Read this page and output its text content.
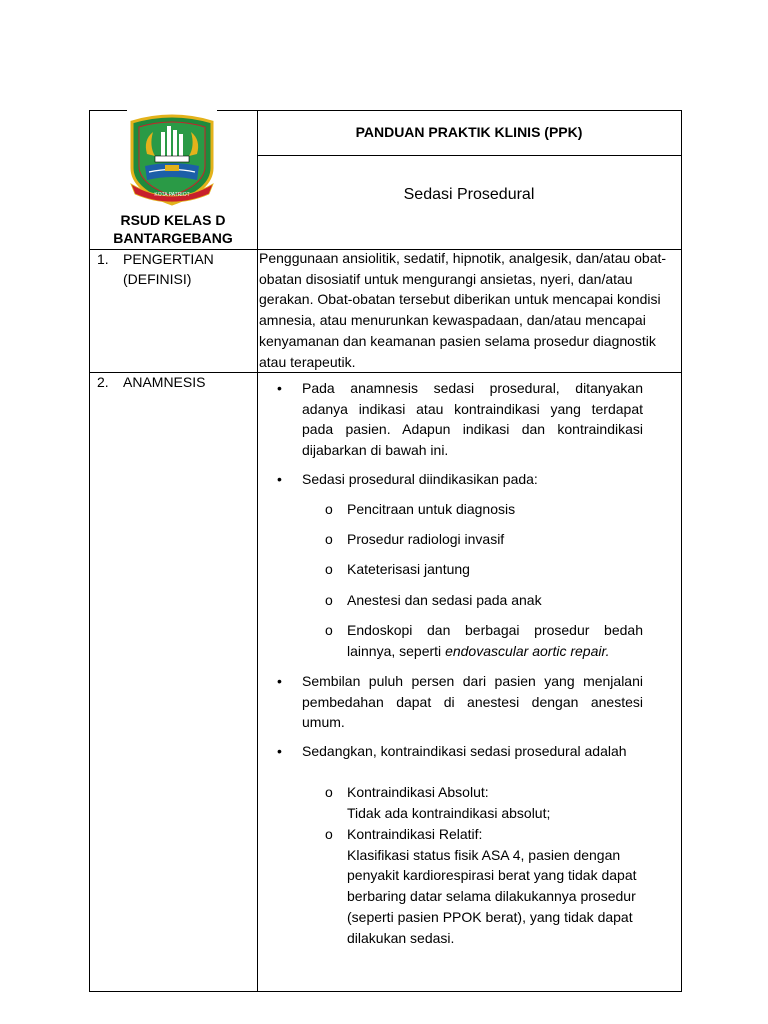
KOTA PATRIOT
RSUD KELAS D
BANTARGEBANG
PANDUAN PRAKTIK KLINIS (PPK)
Sedasi Prosedural
1. PENGERTIAN (DEFINISI)
Penggunaan ansiolitik, sedatif, hipnotik, analgesik, dan/atau obat-obatan disosiatif untuk mengurangi ansietas, nyeri, dan/atau gerakan. Obat-obatan tersebut diberikan untuk mencapai kondisi amnesia, atau menurunkan kewaspadaan, dan/atau mencapai kenyamanan dan keamanan pasien selama prosedur diagnostik atau terapeutik.
2. ANAMNESIS	• Pada anamnesis sedasi prosedural, ditanyakan adanya indikasi atau kontraindikasi yang terdapat pada pasien. Adapun indikasi dan kontraindikasi dijabarkan di bawah ini.
• Sedasi prosedural diindikasikan pada:
o Pencitraan untuk diagnosis
o Prosedur radiologi invasif
o Kateterisasi jantung
o Anestesi dan sedasi pada anak
o Endoskopi dan berbagai prosedur bedah lainnya, seperti endovascular aortic repair.
• Sembilan puluh persen dari pasien yang menjalani pembedahan dapat di anestesi dengan anestesi umum.
• Sedangkan, kontraindikasi sedasi prosedural adalah
o Kontraindikasi Absolut:
Tidak ada kontraindikasi absolut;
o Kontraindikasi Relatif:
Klasifikasi status fisik ASA 4, pasien dengan penyakit kardiorespirasi berat yang tidak dapat berbaring datar selama dilakukannya prosedur (seperti pasien PPOK berat), yang tidak dapat dilakukan sedasi.
